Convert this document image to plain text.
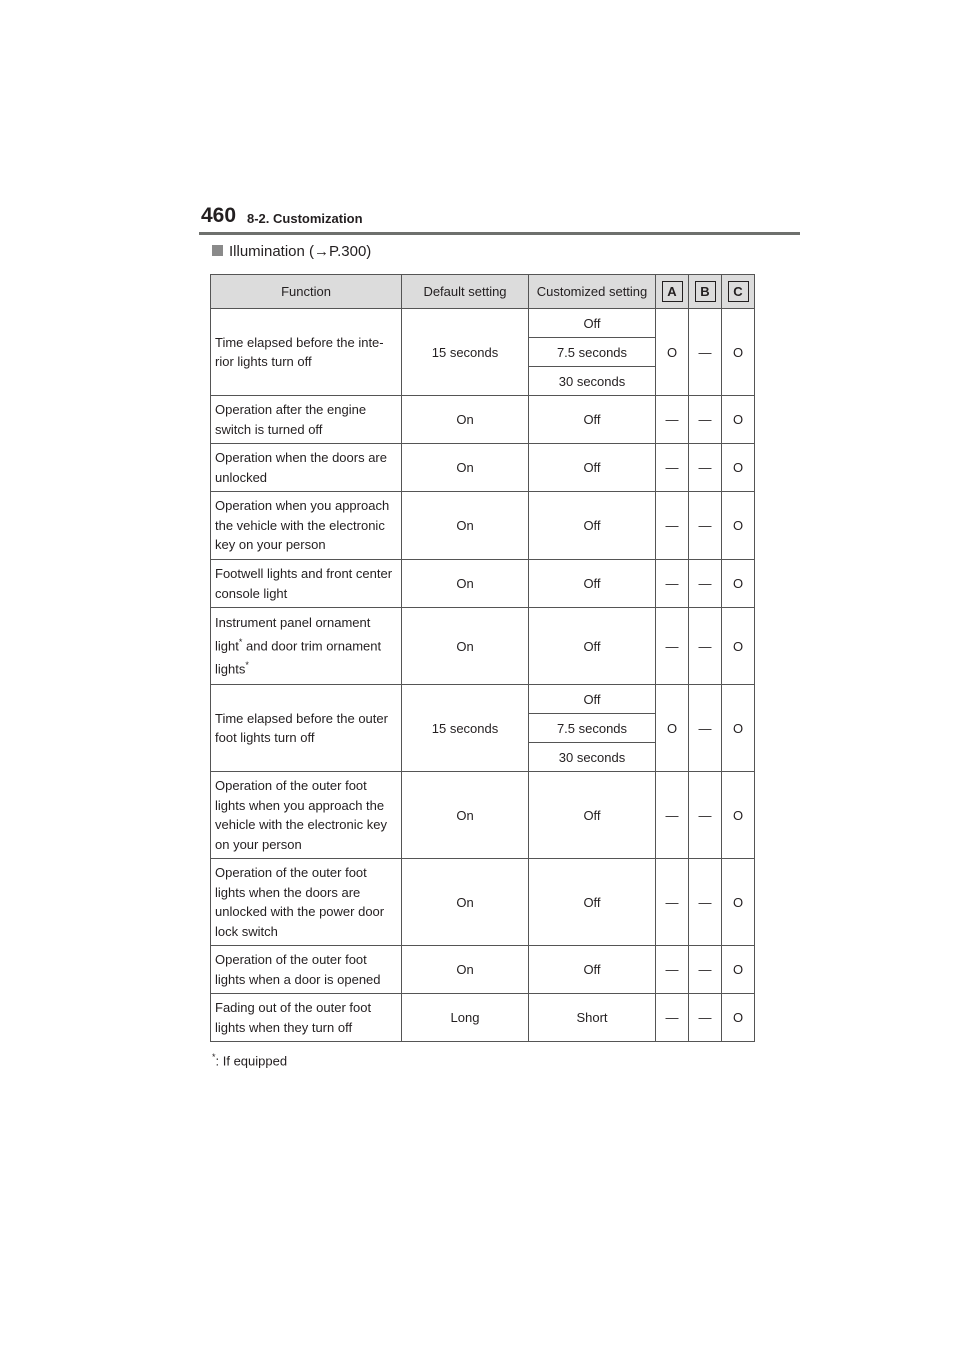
460 8-2. Customization
Illumination (→P.300)
Function	Default setting	Customized setting	A	B	C
Time elapsed before the inte-rior lights turn off	15 seconds	Off	O	—	O
		7.5 seconds			
		30 seconds			
Operation after the engine switch is turned off	On	Off	—	—	O
Operation when the doors are unlocked	On	Off	—	—	O
Operation when you approach the vehicle with the electronic key on your person	On	Off	—	—	O
Footwell lights and front center console light	On	Off	—	—	O
Instrument panel ornament light* and door trim ornament lights*	On	Off	—	—	O
Time elapsed before the outer foot lights turn off	15 seconds	Off	O	—	O
		7.5 seconds			
		30 seconds			
Operation of the outer foot lights when you approach the vehicle with the electronic key on your person	On	Off	—	—	O
Operation of the outer foot lights when the doors are unlocked with the power door lock switch	On	Off	—	—	O
Operation of the outer foot lights when a door is opened	On	Off	—	—	O
Fading out of the outer foot lights when they turn off	Long	Short	—	—	O
*: If equipped
